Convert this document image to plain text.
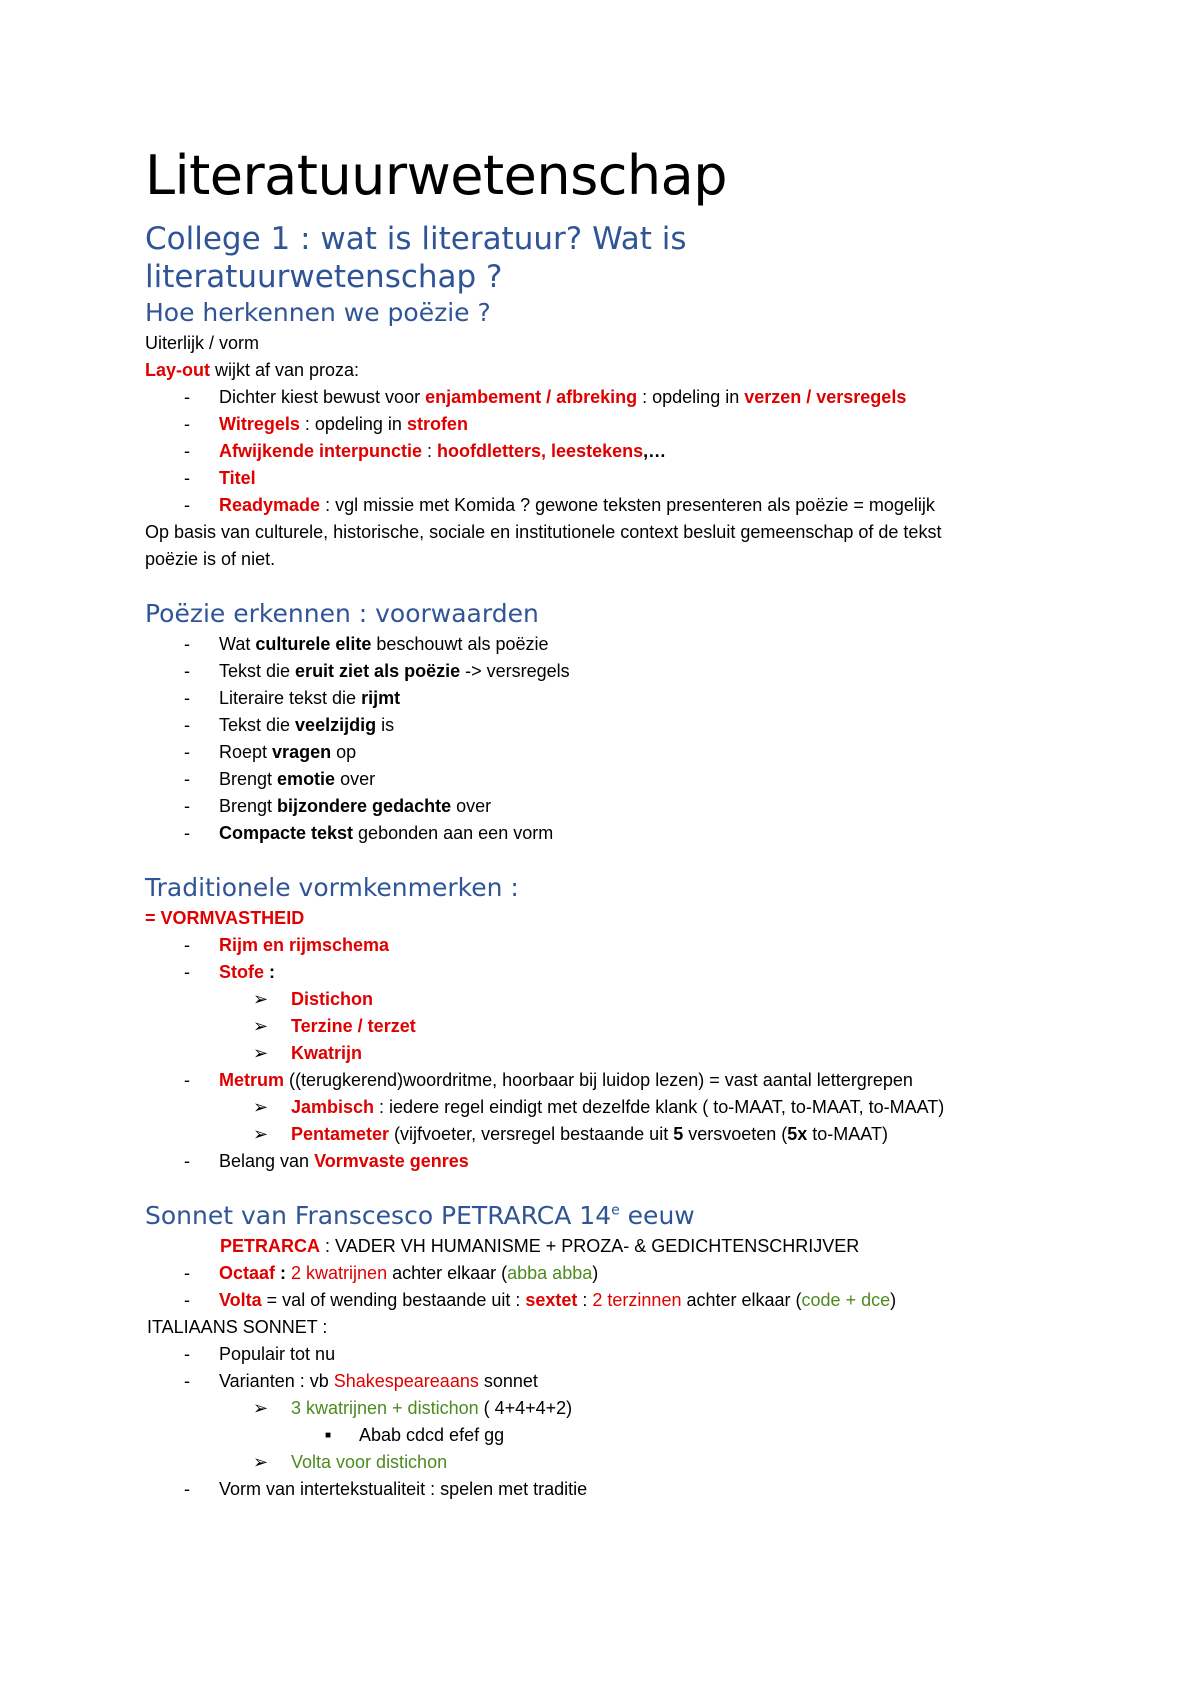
Literatuurwetenschap
College 1 : wat is literatuur? Wat is
literatuurwetenschap ?
Hoe herkennen we poëzie ?
Uiterlijk / vorm
Lay-out wijkt af van proza:
-	Dichter kiest bewust voor enjambement / afbreking : opdeling in verzen / versregels
-	Witregels : opdeling in strofen
-	Afwijkende interpunctie : hoofdletters, leestekens,…
-	Titel
-	Readymade : vgl missie met Komida ? gewone teksten presenteren als poëzie = mogelijk
Op basis van culturele, historische, sociale en institutionele context besluit gemeenschap of de tekst
poëzie is of niet.
Poëzie erkennen : voorwaarden
-	Wat culturele elite beschouwt als poëzie
-	Tekst die eruit ziet als poëzie -> versregels
-	Literaire tekst die rijmt
-	Tekst die veelzijdig is
-	Roept vragen op
-	Brengt emotie over
-	Brengt bijzondere gedachte over
-	Compacte tekst gebonden aan een vorm
Traditionele vormkenmerken :
= VORMVASTHEID
-	Rijm en rijmschema
-	Stofe :
➢	Distichon
➢	Terzine / terzet
➢	Kwatrijn
-	Metrum ((terugkerend)woordritme, hoorbaar bij luidop lezen) = vast aantal lettergrepen
➢	Jambisch : iedere regel eindigt met dezelfde klank ( to-MAAT, to-MAAT, to-MAAT)
➢	Pentameter (vijfvoeter, versregel bestaande uit 5 versvoeten (5x to-MAAT)
-	Belang van Vormvaste genres
Sonnet van Franscesco PETRARCA 14e eeuw
PETRARCA : VADER VH HUMANISME + PROZA- & GEDICHTENSCHRIJVER
-	Octaaf : 2 kwatrijnen achter elkaar (abba abba)
-	Volta = val of wending bestaande uit : sextet : 2 terzinnen achter elkaar (code + dce)
ITALIAANS SONNET :
-	Populair tot nu
-	Varianten : vb Shakespeareaans sonnet
➢	3 kwatrijnen + distichon ( 4+4+4+2)
■	Abab cdcd efef gg
➢	Volta voor distichon
-	Vorm van intertekstualiteit : spelen met traditie
